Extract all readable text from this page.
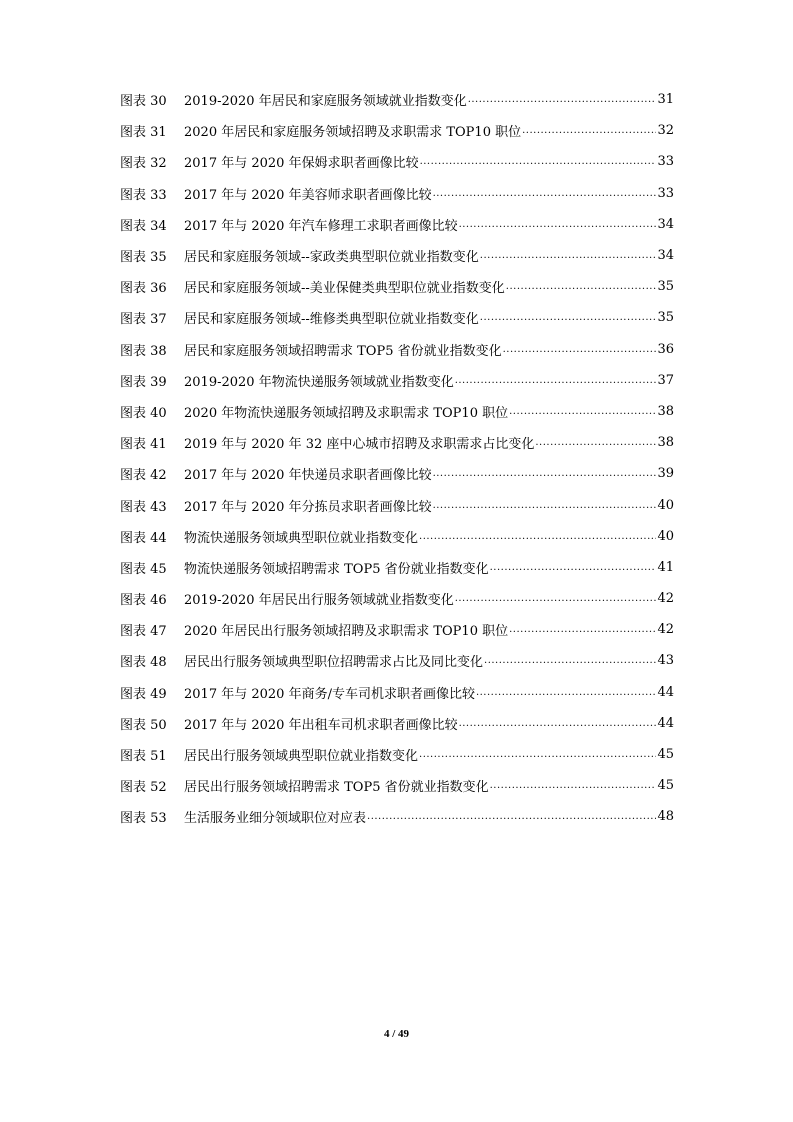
图表 30	2019-2020 年居民和家庭服务领域就业指数变化 .....	31
图表 31	2020 年居民和家庭服务领域招聘及求职需求 TOP10 职位 .....	32
图表 32	2017 年与 2020 年保姆求职者画像比较 .....	33
图表 33	2017 年与 2020 年美容师求职者画像比较 .....	33
图表 34	2017 年与 2020 年汽车修理工求职者画像比较 .....	34
图表 35	居民和家庭服务领域--家政类典型职位就业指数变化 .....	34
图表 36	居民和家庭服务领域--美业保健类典型职位就业指数变化 .....	35
图表 37	居民和家庭服务领域--维修类典型职位就业指数变化 .....	35
图表 38	居民和家庭服务领域招聘需求 TOP5 省份就业指数变化 .....	36
图表 39	2019-2020 年物流快递服务领域就业指数变化 .....	37
图表 40	2020 年物流快递服务领域招聘及求职需求 TOP10 职位 .....	38
图表 41	2019 年与 2020 年 32 座中心城市招聘及求职需求占比变化 .....	38
图表 42	2017 年与 2020 年快递员求职者画像比较 .....	39
图表 43	2017 年与 2020 年分拣员求职者画像比较 .....	40
图表 44	物流快递服务领域典型职位就业指数变化 .....	40
图表 45	物流快递服务领域招聘需求 TOP5 省份就业指数变化 .....	41
图表 46	2019-2020 年居民出行服务领域就业指数变化 .....	42
图表 47	2020 年居民出行服务领域招聘及求职需求 TOP10 职位 .....	42
图表 48	居民出行服务领域典型职位招聘需求占比及同比变化 .....	43
图表 49	2017 年与 2020 年商务/专车司机求职者画像比较 .....	44
图表 50	2017 年与 2020 年出租车司机求职者画像比较 .....	44
图表 51	居民出行服务领域典型职位就业指数变化 .....	45
图表 52	居民出行服务领域招聘需求 TOP5 省份就业指数变化 .....	45
图表 53	生活服务业细分领域职位对应表 .....	48
4 / 49
